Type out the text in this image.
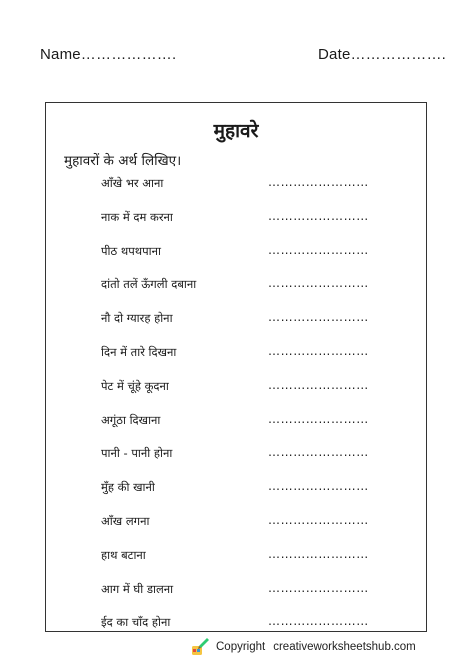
Name……………….	Date……………….
मुहावरे
मुहावरों के अर्थ लिखिए।
आँखे भर आना	……………………
नाक में दम करना	……………………
पीठ थपथपाना	……………………
दांतो तलें ऊँगली दबाना	……………………
नौ दो ग्यारह होना	……………………
दिन में तारे दिखना	……………………
पेट में चूंहे कूदना	……………………
अगूंठा दिखाना	……………………
पानी - पानी होना	……………………
मुँह की खानी	……………………
आँख लगना	……………………
हाथ बटाना	……………………
आग में घी डालना	……………………
ईद का चाँद होना	……………………
Copyright creativeworksheetshub.com
